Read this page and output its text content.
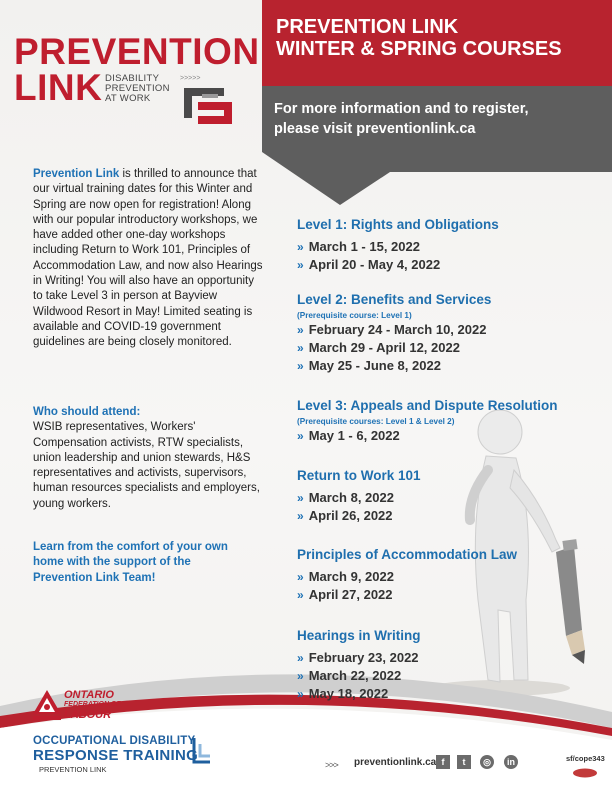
PREVENTION
LINK DISABILITY
PREVENTION
AT WORK
>>>>>
PREVENTION LINK
WINTER & SPRING COURSES
For more information and to register,
please visit preventionlink.ca
Prevention Link is thrilled to announce that our virtual training dates for this Winter and Spring are now open for registration! Along with our popular introductory workshops, we have added other one-day workshops including Return to Work 101, Principles of Accommodation Law, and now also Hearings in Writing! You will also have an opportunity to take Level 3 in person at Bayview Wildwood Resort in May! Limited seating is available and COVID-19 government guidelines are being closely monitored.
Who should attend:
WSIB representatives, Workers' Compensation activists, RTW specialists, union leadership and union stewards, H&S representatives and activists, supervisors, human resources specialists and employers, young workers.
Learn from the comfort of your own home with the support of the Prevention Link Team!
Level 1: Rights and Obligations
» March 1 - 15, 2022
» April 20 - May 4, 2022
Level 2: Benefits and Services
(Prerequisite course: Level 1)
» February 24 - March 10, 2022
» March 29 - April 12, 2022
» May 25 - June 8, 2022
Level 3: Appeals and Dispute Resolution
(Prerequisite courses: Level 1 & Level 2)
» May 1 - 6, 2022
Return to Work 101
» March 8, 2022
» April 26, 2022
Principles of Accommodation Law
» March 9, 2022
» April 27, 2022
Hearings in Writing
» February 23, 2022
» March 22, 2022
» May 18, 2022
ONTARIO
FEDERATION OF
LABOUR
OCCUPATIONAL DISABILITY
RESPONSE TRAINING
PREVENTION LINK	>>> preventionlink.ca f	t	◎	in	sf/cope343
